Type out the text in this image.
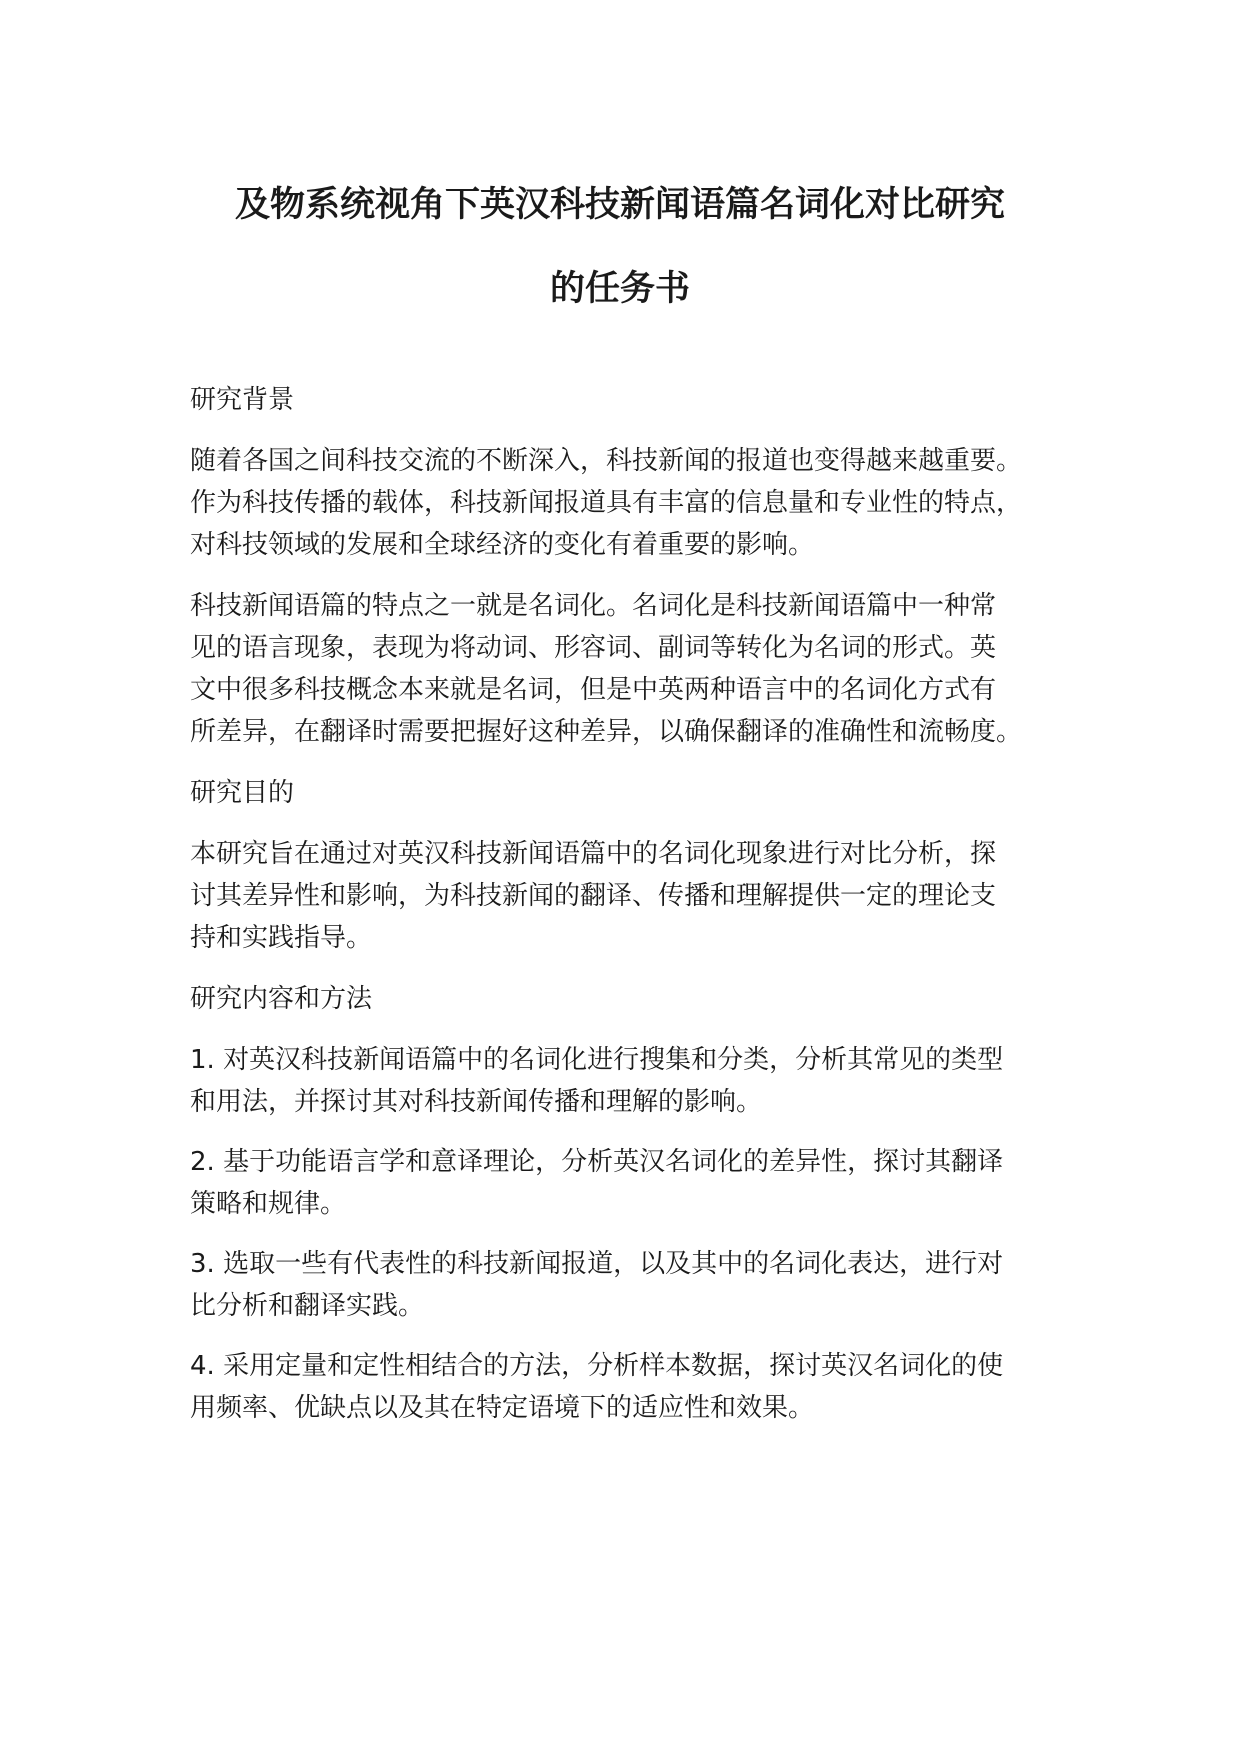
及物系统视角下英汉科技新闻语篇名词化对比研究
的任务书

研究背景

随着各国之间科技交流的不断深入，科技新闻的报道也变得越来越重要。
作为科技传播的载体，科技新闻报道具有丰富的信息量和专业性的特点，
对科技领域的发展和全球经济的变化有着重要的影响。

科技新闻语篇的特点之一就是名词化。名词化是科技新闻语篇中一种常
见的语言现象，表现为将动词、形容词、副词等转化为名词的形式。英
文中很多科技概念本来就是名词，但是中英两种语言中的名词化方式有
所差异，在翻译时需要把握好这种差异，以确保翻译的准确性和流畅度。

研究目的

本研究旨在通过对英汉科技新闻语篇中的名词化现象进行对比分析，探
讨其差异性和影响，为科技新闻的翻译、传播和理解提供一定的理论支
持和实践指导。

研究内容和方法

1. 对英汉科技新闻语篇中的名词化进行搜集和分类，分析其常见的类型
和用法，并探讨其对科技新闻传播和理解的影响。

2. 基于功能语言学和意译理论，分析英汉名词化的差异性，探讨其翻译
策略和规律。

3. 选取一些有代表性的科技新闻报道，以及其中的名词化表达，进行对
比分析和翻译实践。

4. 采用定量和定性相结合的方法，分析样本数据，探讨英汉名词化的使
用频率、优缺点以及其在特定语境下的适应性和效果。
